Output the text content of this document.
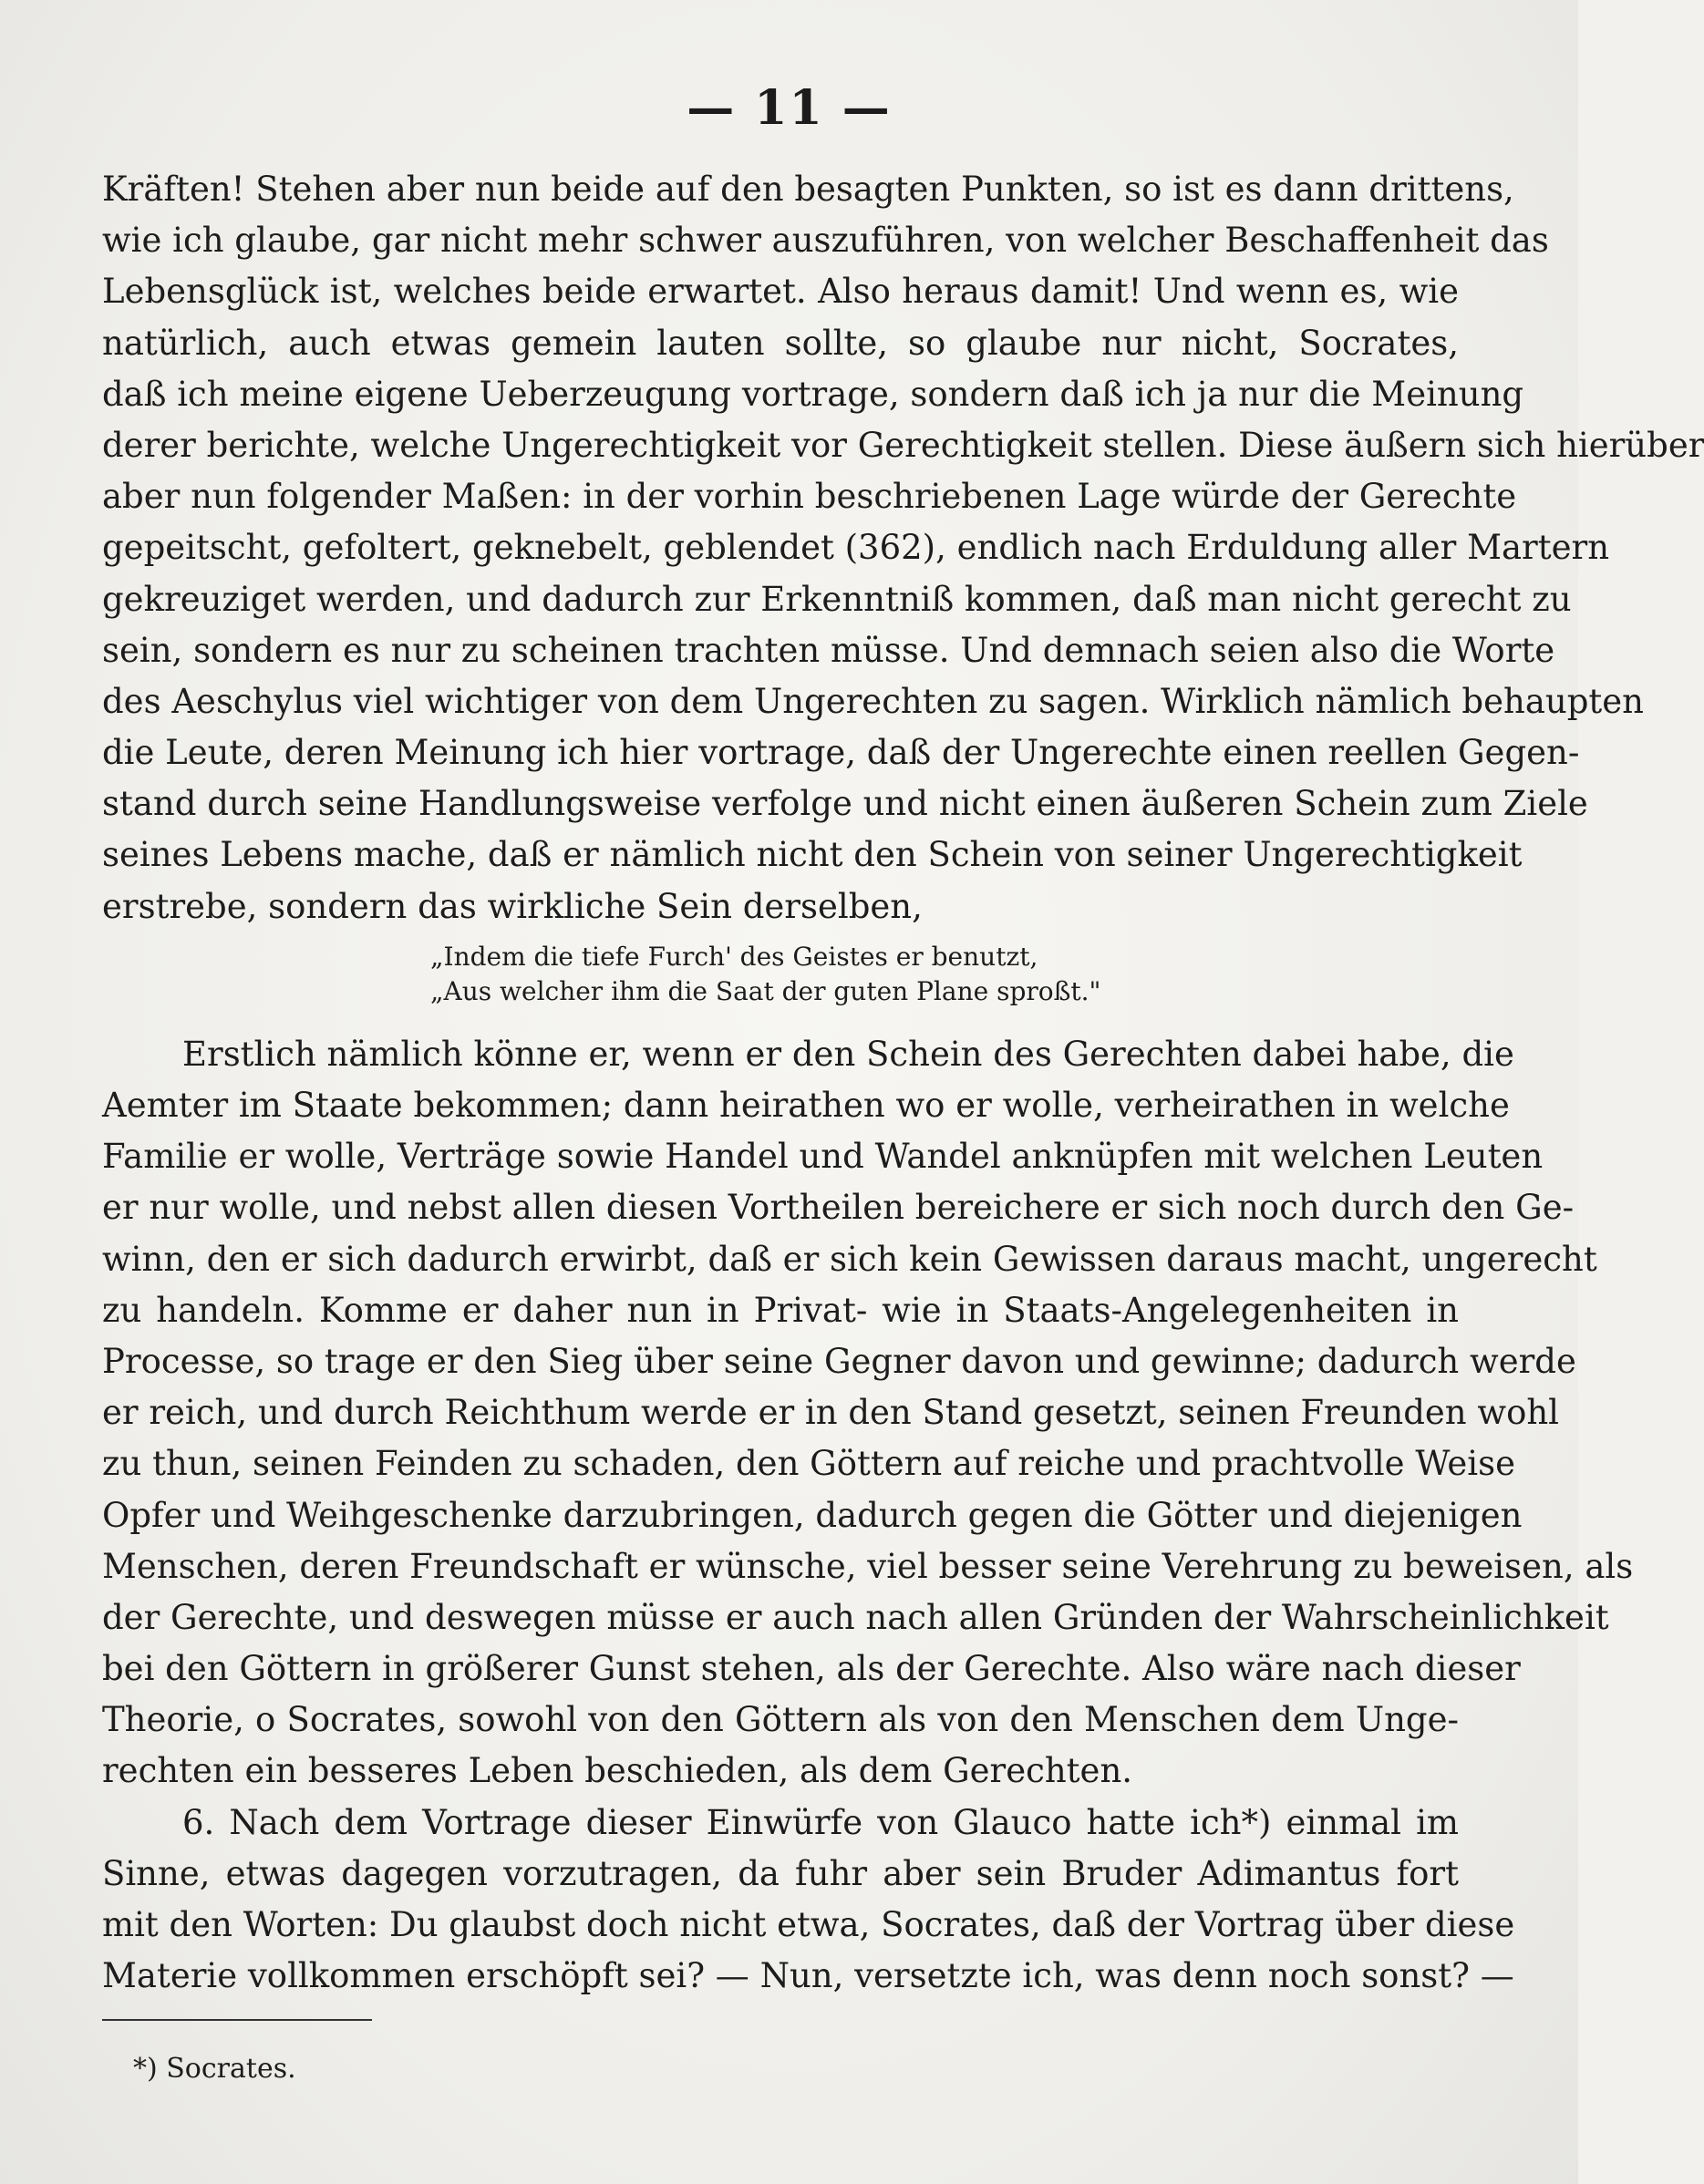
— 11 —
Kräften! Stehen aber nun beide auf den besagten Punkten, so ist es dann drittens,
wie ich glaube, gar nicht mehr schwer auszuführen, von welcher Beschaffenheit das
Lebensglück ist, welches beide erwartet. Also heraus damit! Und wenn es, wie
natürlich, auch etwas gemein lauten sollte, so glaube nur nicht, Socrates,
daß ich meine eigene Ueberzeugung vortrage, sondern daß ich ja nur die Meinung
derer berichte, welche Ungerechtigkeit vor Gerechtigkeit stellen. Diese äußern sich hierüber
aber nun folgender Maßen: in der vorhin beschriebenen Lage würde der Gerechte
gepeitscht, gefoltert, geknebelt, geblendet (362), endlich nach Erduldung aller Martern
gekreuziget werden, und dadurch zur Erkenntniß kommen, daß man nicht gerecht zu
sein, sondern es nur zu scheinen trachten müsse. Und demnach seien also die Worte
des Aeschylus viel wichtiger von dem Ungerechten zu sagen. Wirklich nämlich behaupten
die Leute, deren Meinung ich hier vortrage, daß der Ungerechte einen reellen Gegen-
stand durch seine Handlungsweise verfolge und nicht einen äußeren Schein zum Ziele
seines Lebens mache, daß er nämlich nicht den Schein von seiner Ungerechtigkeit
erstrebe, sondern das wirkliche Sein derselben,
„Indem die tiefe Furch' des Geistes er benutzt,
„Aus welcher ihm die Saat der guten Plane sproßt."
Erstlich nämlich könne er, wenn er den Schein des Gerechten dabei habe, die
Aemter im Staate bekommen; dann heirathen wo er wolle, verheirathen in welche
Familie er wolle, Verträge sowie Handel und Wandel anknüpfen mit welchen Leuten
er nur wolle, und nebst allen diesen Vortheilen bereichere er sich noch durch den Ge-
winn, den er sich dadurch erwirbt, daß er sich kein Gewissen daraus macht, ungerecht
zu handeln. Komme er daher nun in Privat- wie in Staats-Angelegenheiten in
Processe, so trage er den Sieg über seine Gegner davon und gewinne; dadurch werde
er reich, und durch Reichthum werde er in den Stand gesetzt, seinen Freunden wohl
zu thun, seinen Feinden zu schaden, den Göttern auf reiche und prachtvolle Weise
Opfer und Weihgeschenke darzubringen, dadurch gegen die Götter und diejenigen
Menschen, deren Freundschaft er wünsche, viel besser seine Verehrung zu beweisen, als
der Gerechte, und deswegen müsse er auch nach allen Gründen der Wahrscheinlichkeit
bei den Göttern in größerer Gunst stehen, als der Gerechte. Also wäre nach dieser
Theorie, o Socrates, sowohl von den Göttern als von den Menschen dem Unge-
rechten ein besseres Leben beschieden, als dem Gerechten.
6. Nach dem Vortrage dieser Einwürfe von Glauco hatte ich*) einmal im
Sinne, etwas dagegen vorzutragen, da fuhr aber sein Bruder Adimantus fort
mit den Worten: Du glaubst doch nicht etwa, Socrates, daß der Vortrag über diese
Materie vollkommen erschöpft sei? — Nun, versetzte ich, was denn noch sonst? —
*) Socrates.
